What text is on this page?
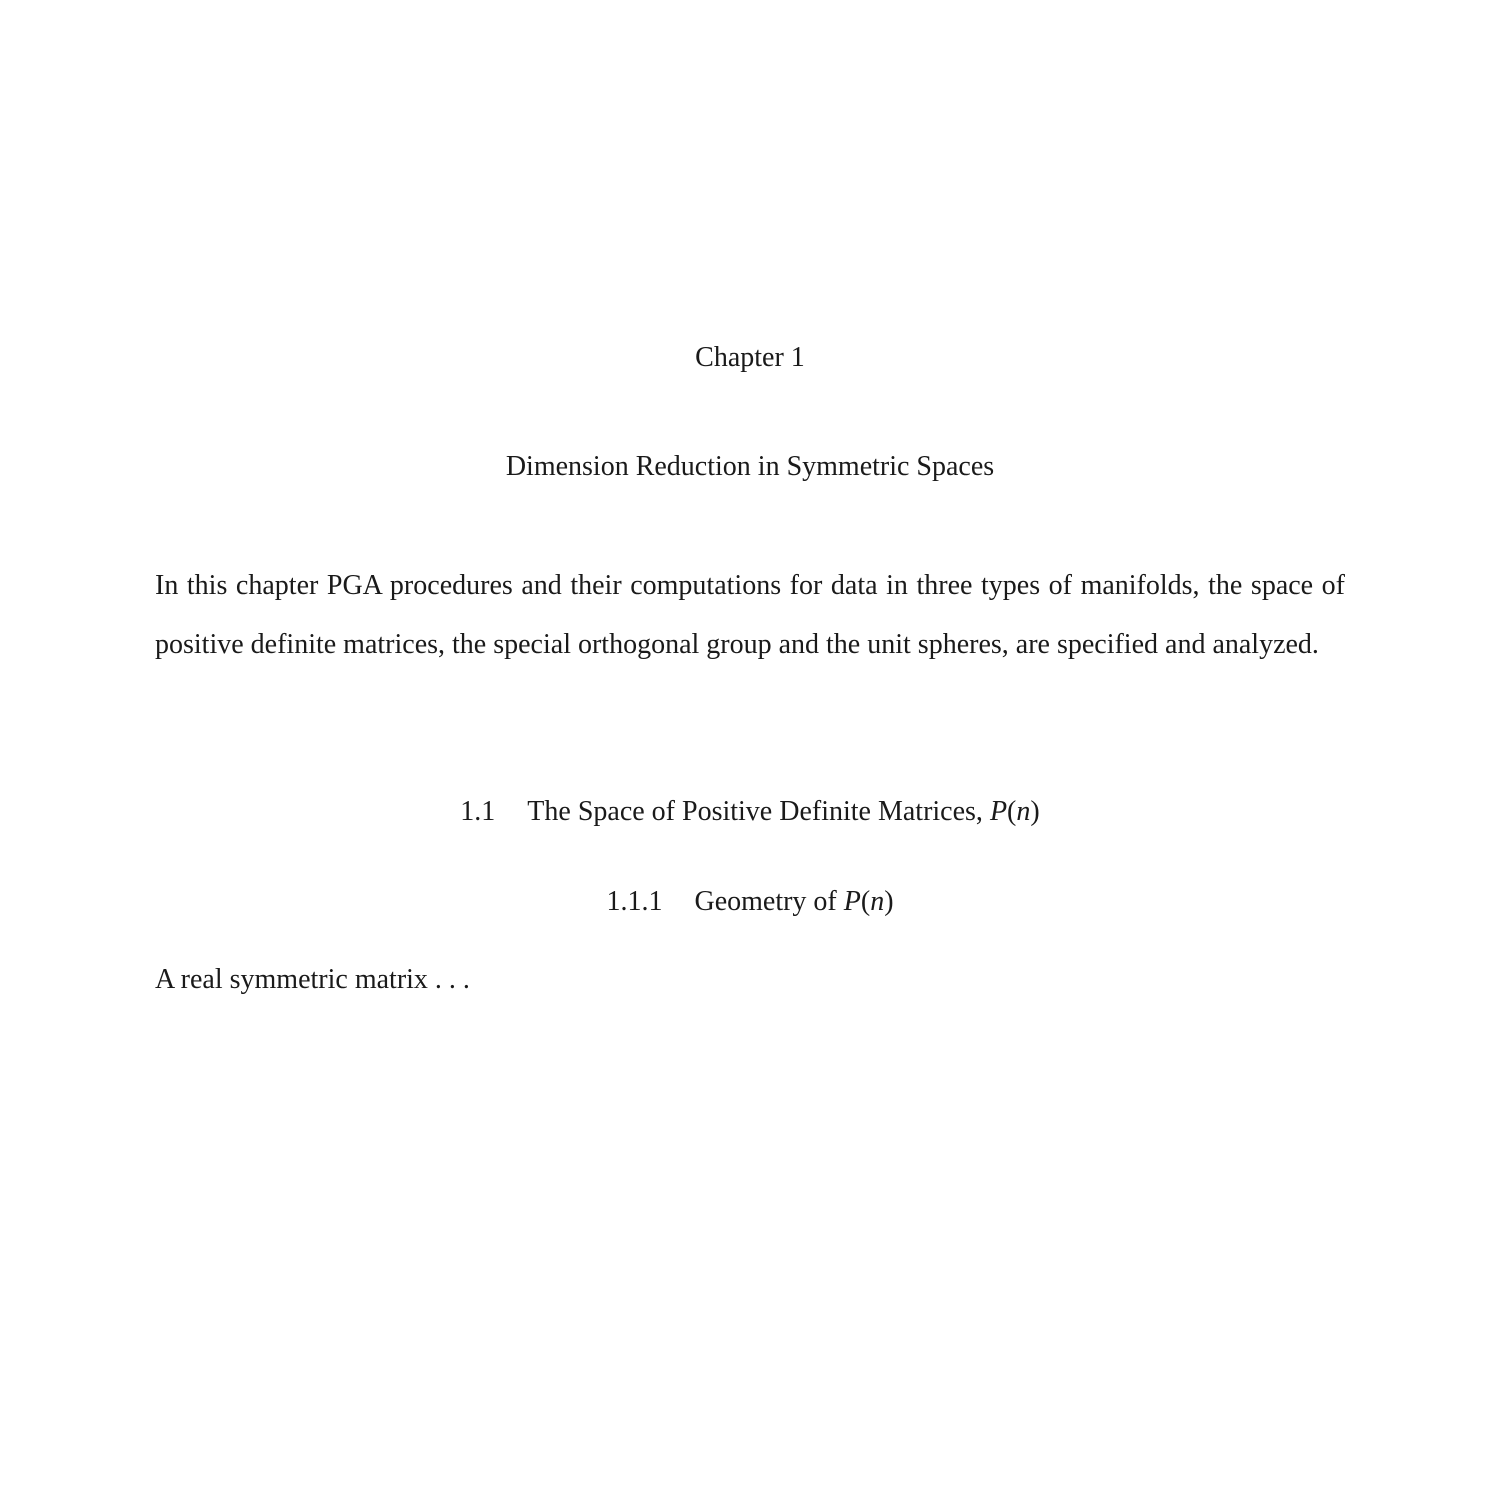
Chapter 1
Dimension Reduction in Symmetric Spaces

In this chapter PGA procedures and their computations for data in three types of manifolds, the space of positive definite matrices, the special orthogonal group and the unit spheres, are specified and analyzed.

1.1 The Space of Positive Definite Matrices, P(n)
1.1.1 Geometry of P(n)

A real symmetric matrix . . .
